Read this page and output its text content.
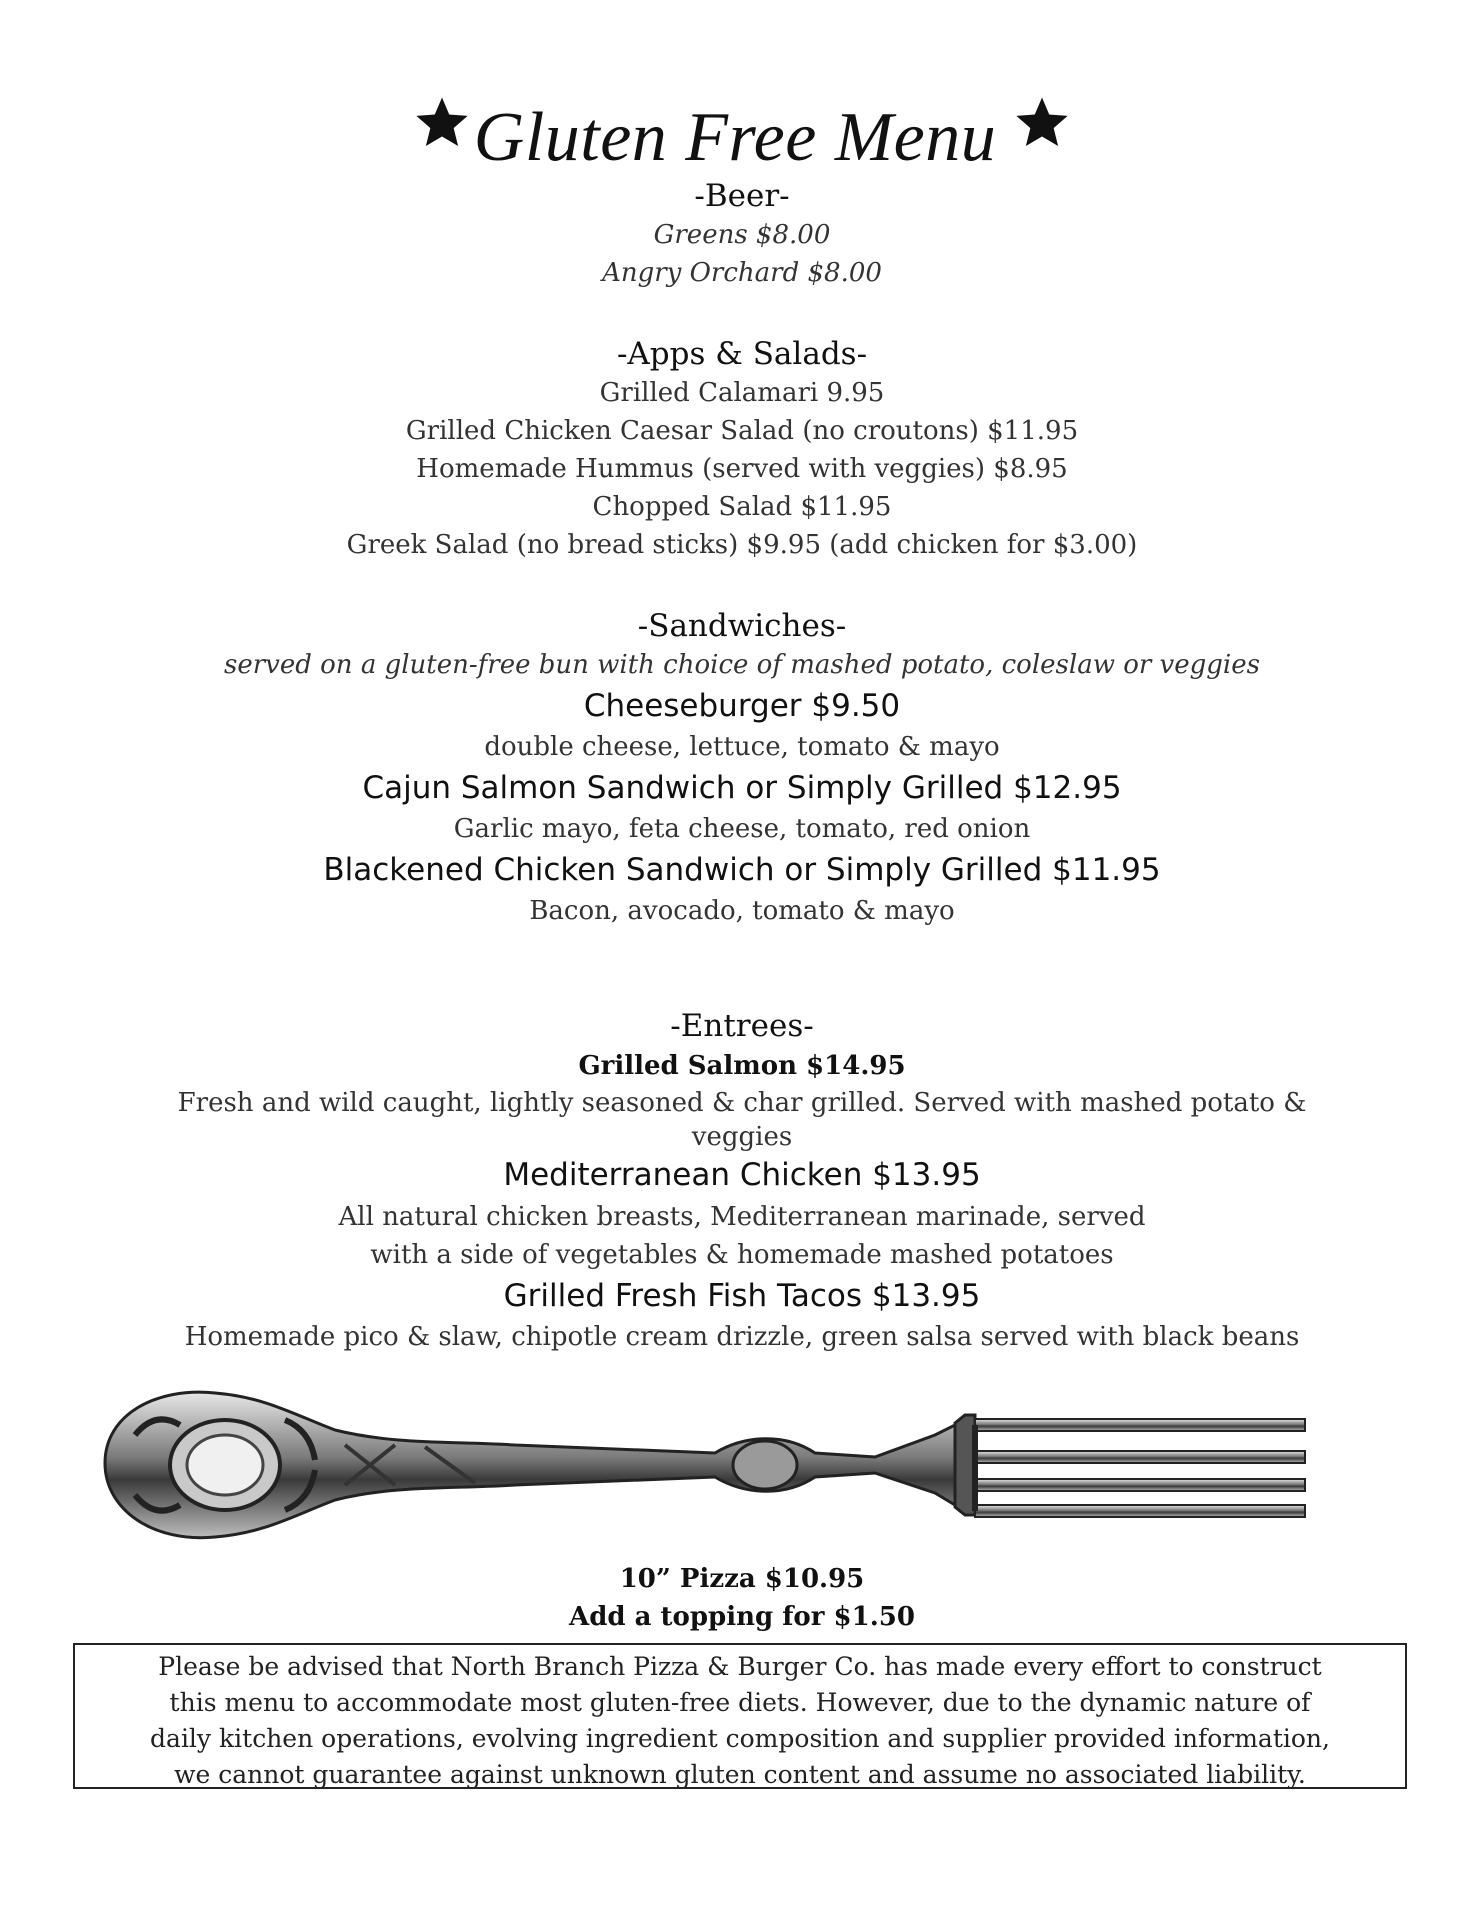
Gluten Free Menu
-Beer-
Greens $8.00
Angry Orchard $8.00
-Apps & Salads-
Grilled Calamari 9.95
Grilled Chicken Caesar Salad (no croutons) $11.95
Homemade Hummus (served with veggies) $8.95
Chopped Salad $11.95
Greek Salad (no bread sticks) $9.95 (add chicken for $3.00)
-Sandwiches-
served on a gluten-free bun with choice of mashed potato, coleslaw or veggies
Cheeseburger $9.50
double cheese, lettuce, tomato & mayo
Cajun Salmon Sandwich or Simply Grilled $12.95
Garlic mayo, feta cheese, tomato, red onion
Blackened Chicken Sandwich or Simply Grilled $11.95
Bacon, avocado, tomato & mayo
-Entrees-
Grilled Salmon $14.95
Fresh and wild caught, lightly seasoned & char grilled. Served with mashed potato &
veggies
Mediterranean Chicken $13.95
All natural chicken breasts, Mediterranean marinade, served
with a side of vegetables & homemade mashed potatoes
Grilled Fresh Fish Tacos $13.95
Homemade pico & slaw, chipotle cream drizzle, green salsa served with black beans
10” Pizza $10.95
Add a topping for $1.50
Please be advised that North Branch Pizza & Burger Co. has made every effort to construct
this menu to accommodate most gluten-free diets. However, due to the dynamic nature of
daily kitchen operations, evolving ingredient composition and supplier provided information,
we cannot guarantee against unknown gluten content and assume no associated liability.
